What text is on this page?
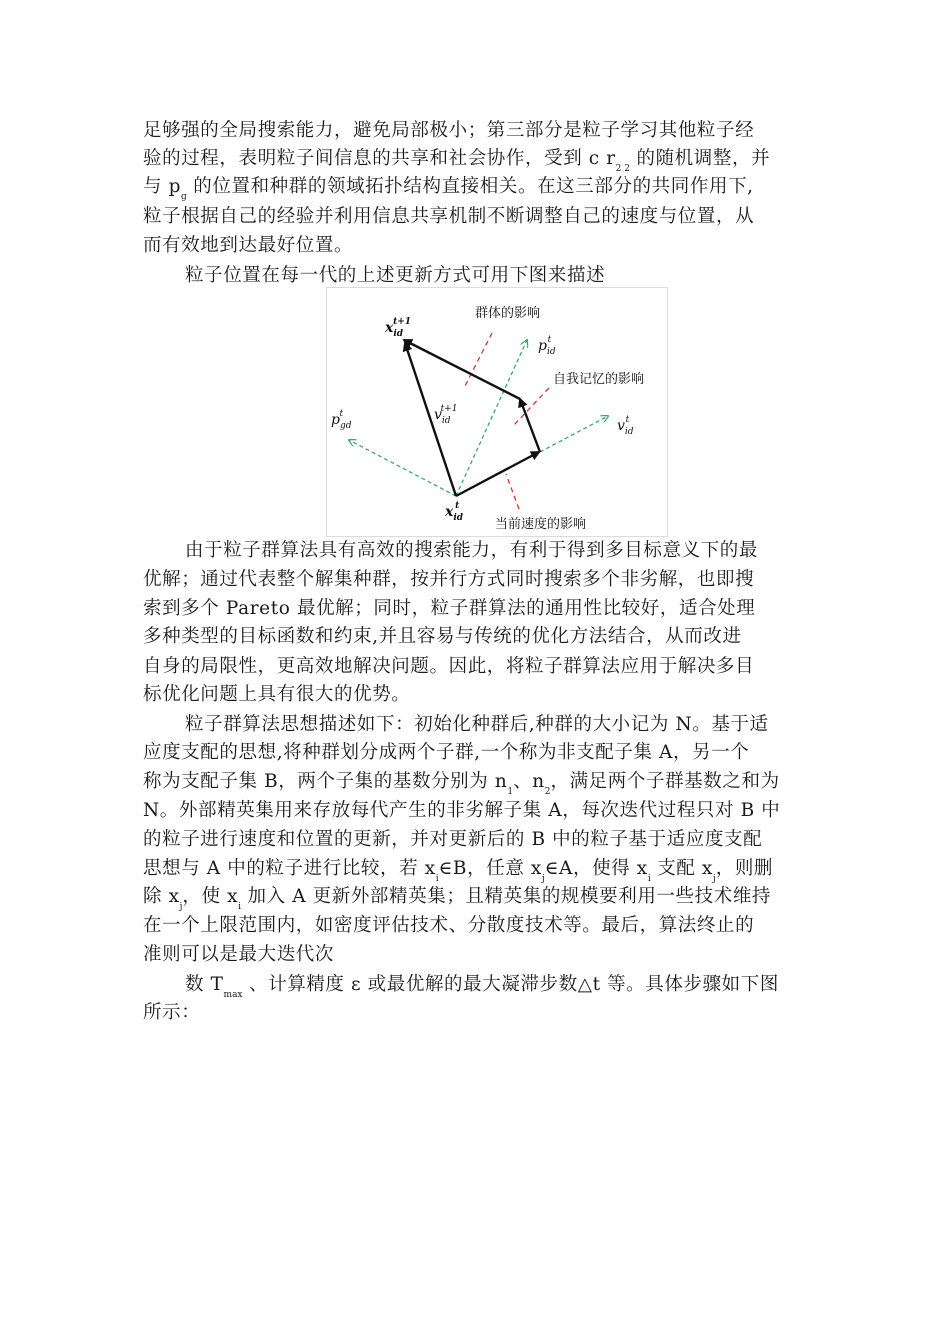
足够强的全局搜索能力，避免局部极小；第三部分是粒子学习其他粒子经
验的过程，表明粒子间信息的共享和社会协作，受到 c $r_{2 2}$ 的随机调整，并
与 $p_g$ 的位置和种群的领域拓扑结构直接相关。在这三部分的共同作用下,
粒子根据自己的经验并利用信息共享机制不断调整自己的速度与位置，从
而有效地到达最好位置。
粒子位置在每一代的上述更新方式可用下图来描述
群体的影响
自我记忆的影响
当前速度的影响
$x_{id}t+1$
$p_{id}t$
$v_{id}t+1$
$p_{gd}t$
$v_{id}t$
$x_{id}t$
由于粒子群算法具有高效的搜索能力，有利于得到多目标意义下的最
优解；通过代表整个解集种群，按并行方式同时搜索多个非劣解，也即搜
索到多个 Pareto 最优解；同时，粒子群算法的通用性比较好，适合处理
多种类型的目标函数和约束,并且容易与传统的优化方法结合，从而改进
自身的局限性，更高效地解决问题。因此，将粒子群算法应用于解决多目
标优化问题上具有很大的优势。
粒子群算法思想描述如下：初始化种群后,种群的大小记为 N。基于适
应度支配的思想,将种群划分成两个子群,一个称为非支配子集 A，另一个
称为支配子集 B，两个子集的基数分别为 $n_1$、$n_2$，满足两个子群基数之和为
N。外部精英集用来存放每代产生的非劣解子集 A，每次迭代过程只对 B 中
的粒子进行速度和位置的更新，并对更新后的 B 中的粒子基于适应度支配
思想与 A 中的粒子进行比较，若 $x_i\in B$，任意 $x_j\in A$，使得 $x_i$ 支配 $x_j$，则删
除 $x_j$，使 $x_i$ 加入 A 更新外部精英集；且精英集的规模要利用一些技术维持
在一个上限范围内，如密度评估技术、分散度技术等。最后，算法终止的
准则可以是最大迭代次
数 $T_{max}$ 、计算精度 ε 或最优解的最大凝滞步数△t 等。具体步骤如下图
所示：
